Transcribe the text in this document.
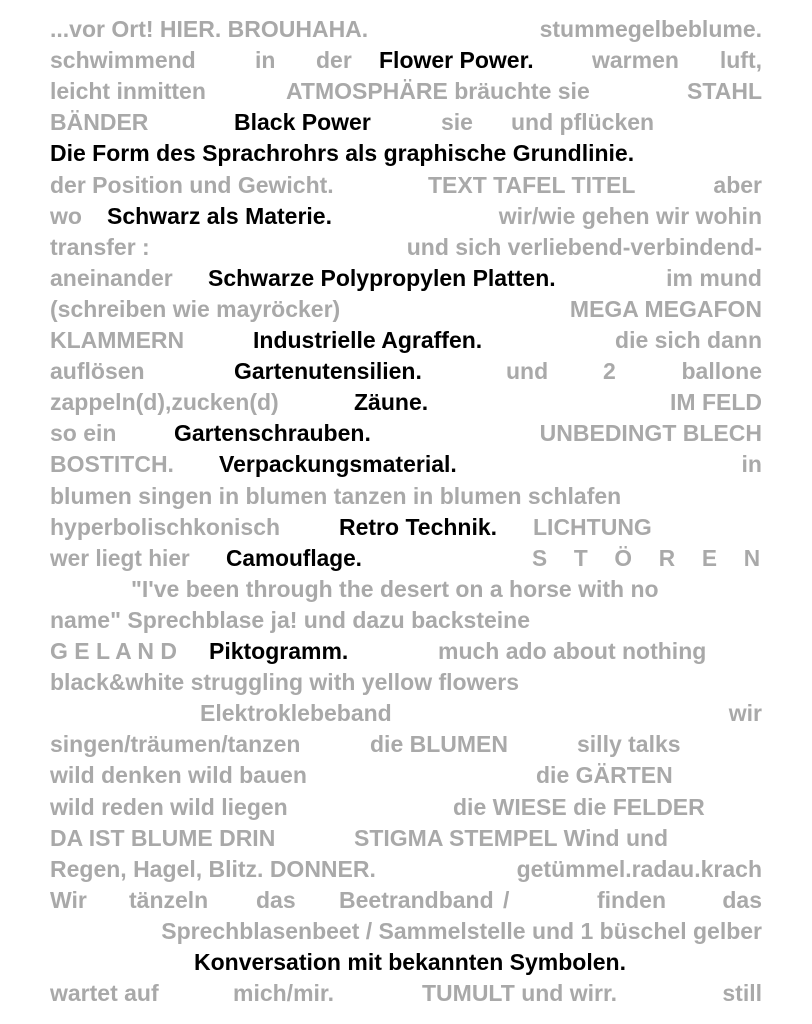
...vor Ort! HIER. BROUHAHA.	stummegelbeblume.
schwimmend	in der Flower Power.	warmen luft,
leicht inmitten	ATMOSPHÄRE bräuchte sie	STAHL
BÄNDER	Black Power	sie und pflücken
Die Form des Sprachrohrs als graphische Grundlinie.
der Position und Gewicht.	TEXT TAFEL TITEL	aber
wo Schwarz als Materie.	wir/wie gehen wir wohin
transfer :	und sich verliebend-verbindend-
aneinander Schwarze Polypropylen Platten.	im mund
(schreiben wie mayröcker)	MEGA MEGAFON
KLAMMERN	Industrielle Agraffen.	die sich dann
auflösen	Gartenutensilien.	und 2	ballone
zappeln(d),zucken(d)	Zäune.	IM FELD
so ein	Gartenschrauben.	UNBEDINGT BLECH
BOSTITCH. Verpackungsmaterial.	in
blumen singen in blumen tanzen in blumen schlafen
hyperbolischkonisch	Retro Technik. LICHTUNG
wer liegt hier Camouflage.	S T Ö R E N
"I've been through the desert on a horse with no
name" Sprechblase ja! und dazu backsteine
G E L A N D Piktogramm.	much ado about nothing
black&white struggling with yellow flowers
Elektroklebeband	wir
singen/träumen/tanzen	die BLUMEN	silly talks
wild denken wild bauen	die GÄRTEN
wild reden wild liegen	die WIESE die FELDER
DA IST BLUME DRIN	STIGMA STEMPEL Wind und
Regen, Hagel, Blitz. DONNER.	getümmel.radau.krach
Wir tänzeln das Beetrandband /	finden das
Sprechblasenbeet / Sammelstelle und 1 büschel gelber
Konversation mit bekannten Symbolen.
wartet auf	mich/mir.	TUMULT und wirr.	still
